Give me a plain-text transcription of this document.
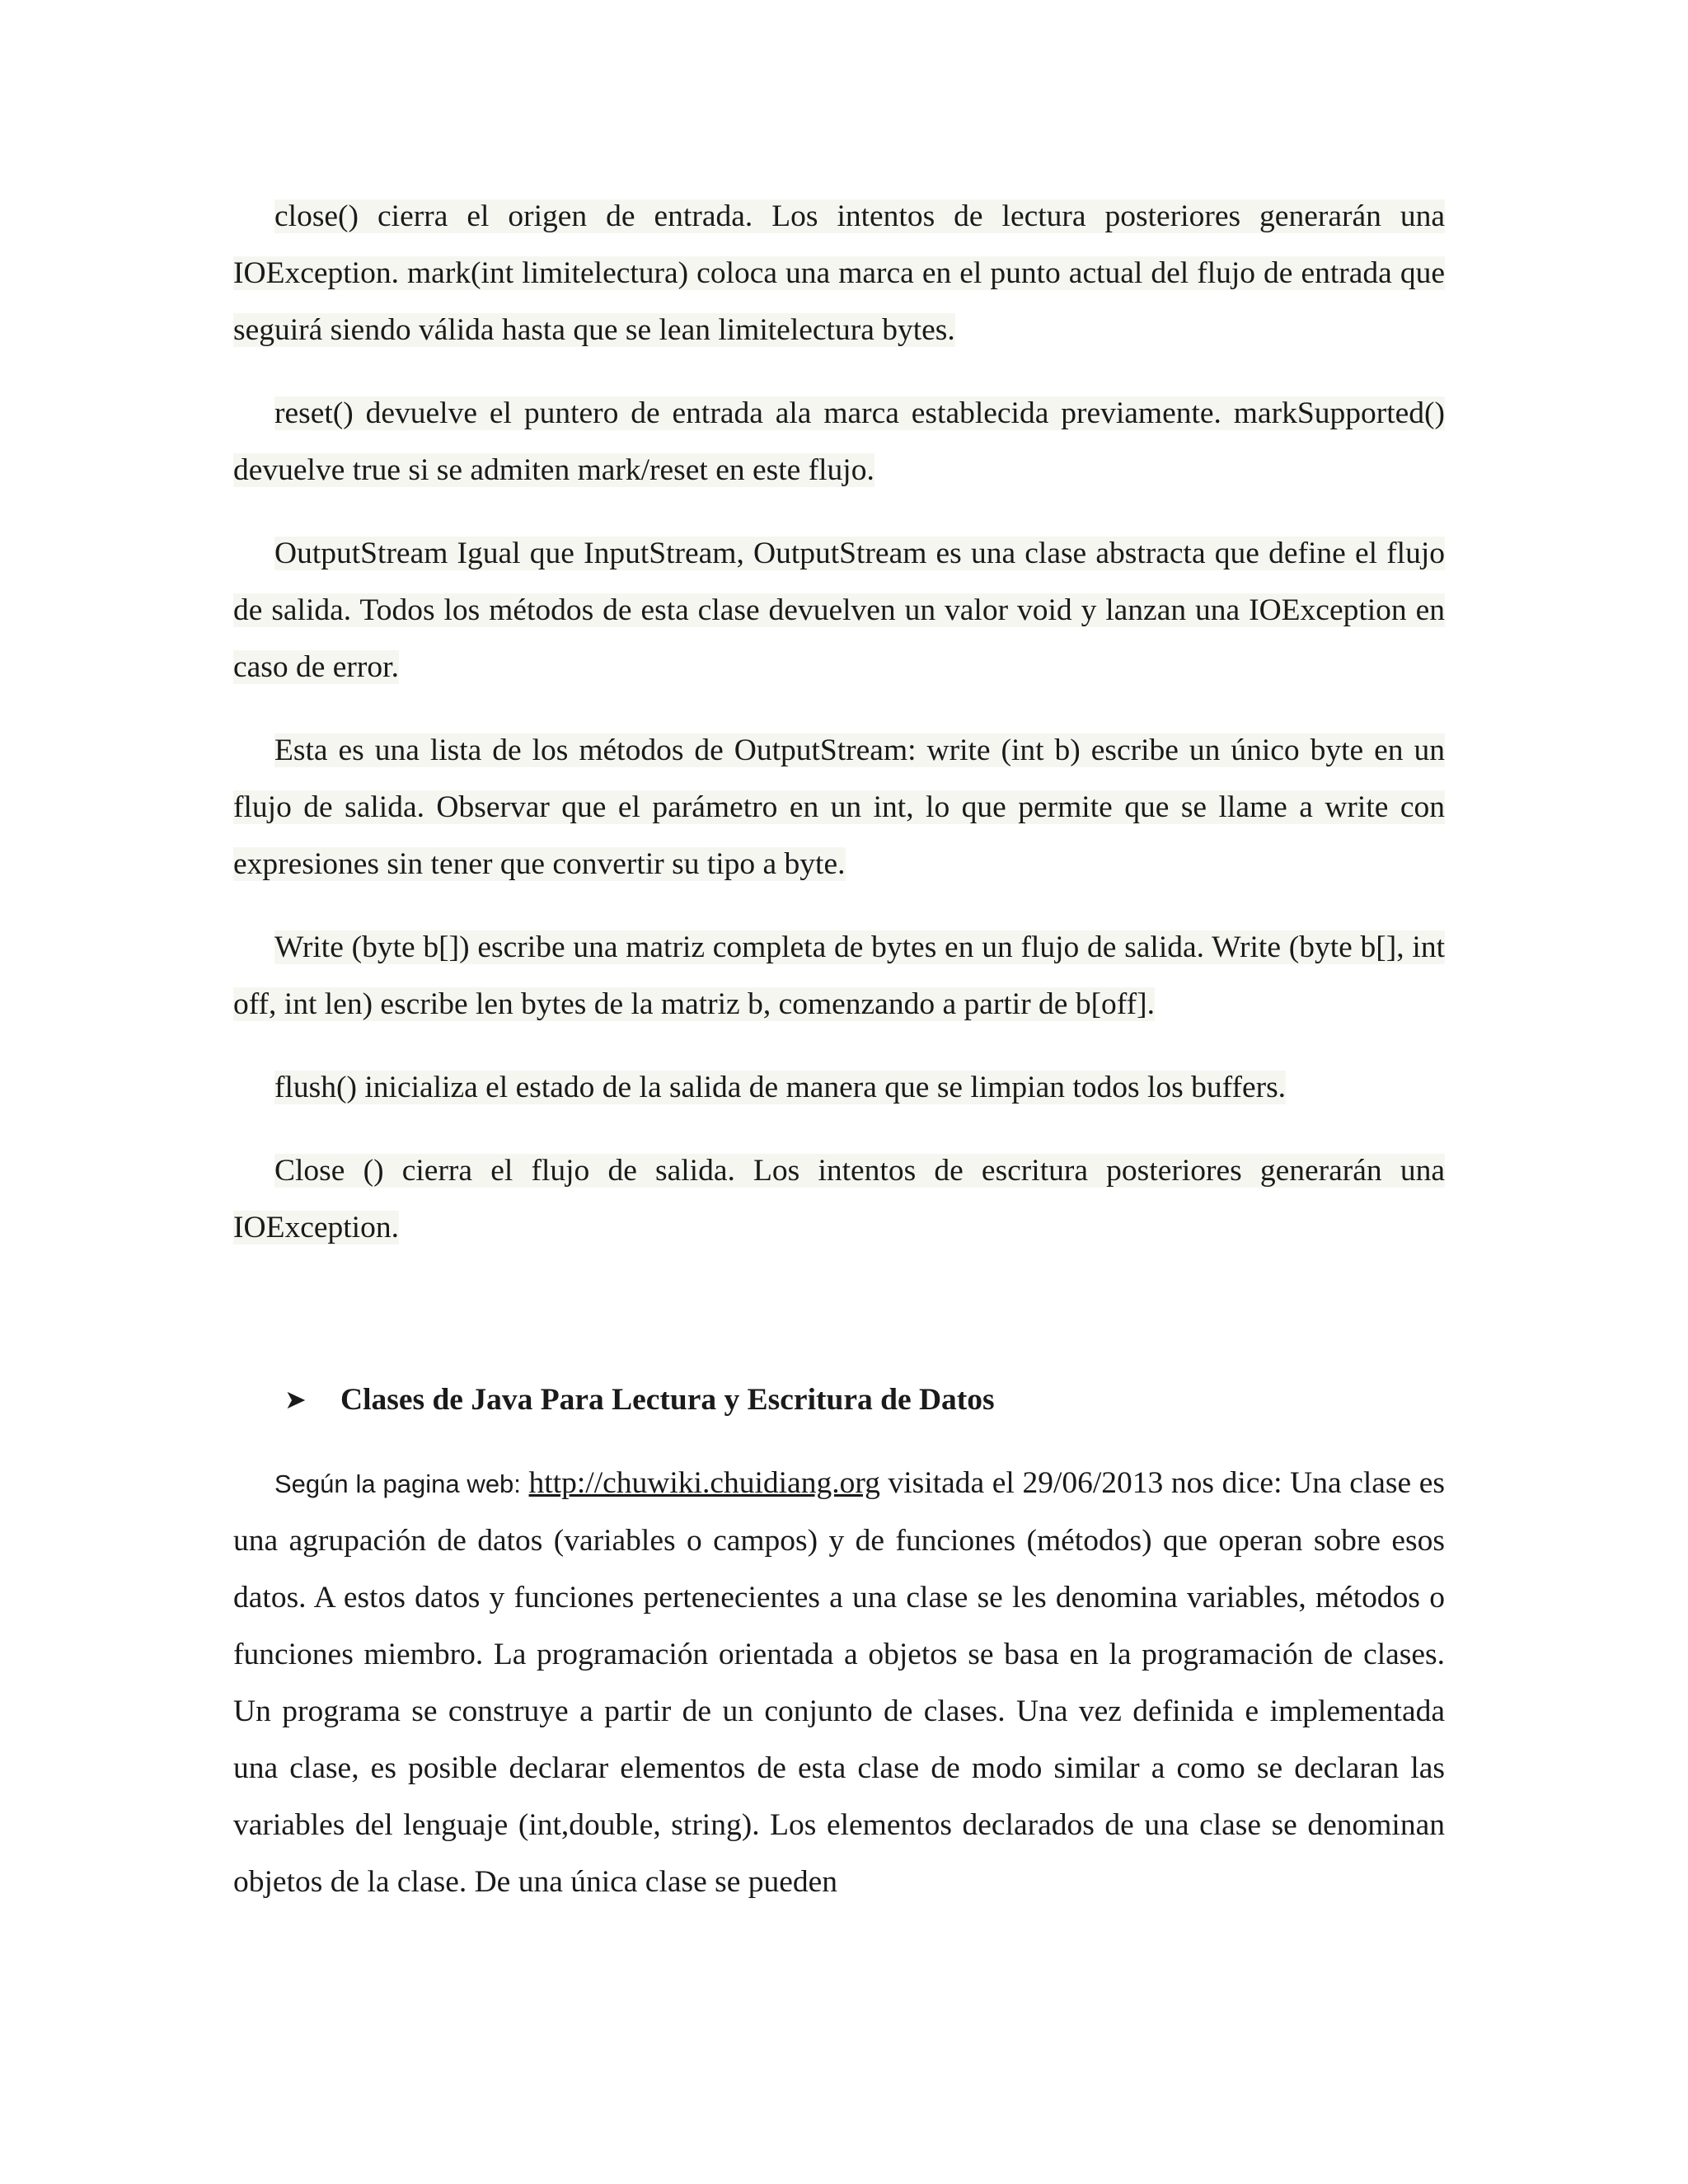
close() cierra el origen de entrada. Los intentos de lectura posteriores generarán una IOException. mark(int limitelectura) coloca una marca en el punto actual del flujo de entrada que seguirá siendo válida hasta que se lean limitelectura bytes.

reset() devuelve el puntero de entrada ala marca establecida previamente. markSupported() devuelve true si se admiten mark/reset en este flujo.

OutputStream Igual que InputStream, OutputStream es una clase abstracta que define el flujo de salida. Todos los métodos de esta clase devuelven un valor void y lanzan una IOException en caso de error.

Esta es una lista de los métodos de OutputStream: write (int b) escribe un único byte en un flujo de salida. Observar que el parámetro en un int, lo que permite que se llame a write con expresiones sin tener que convertir su tipo a byte.

Write (byte b[]) escribe una matriz completa de bytes en un flujo de salida. Write (byte b[], int off, int len) escribe len bytes de la matriz b, comenzando a partir de b[off].

flush() inicializa el estado de la salida de manera que se limpian todos los buffers.

Close () cierra el flujo de salida. Los intentos de escritura posteriores generarán una IOException.

➤ Clases de Java Para Lectura y Escritura de Datos

Según la pagina web: http://chuwiki.chuidiang.org visitada el 29/06/2013 nos dice: Una clase es una agrupación de datos (variables o campos) y de funciones (métodos) que operan sobre esos datos. A estos datos y funciones pertenecientes a una clase se les denomina variables, métodos o funciones miembro. La programación orientada a objetos se basa en la programación de clases. Un programa se construye a partir de un conjunto de clases. Una vez definida e implementada una clase, es posible declarar elementos de esta clase de modo similar a como se declaran las variables del lenguaje (int,double, string). Los elementos declarados de una clase se denominan objetos de la clase. De una única clase se pueden
